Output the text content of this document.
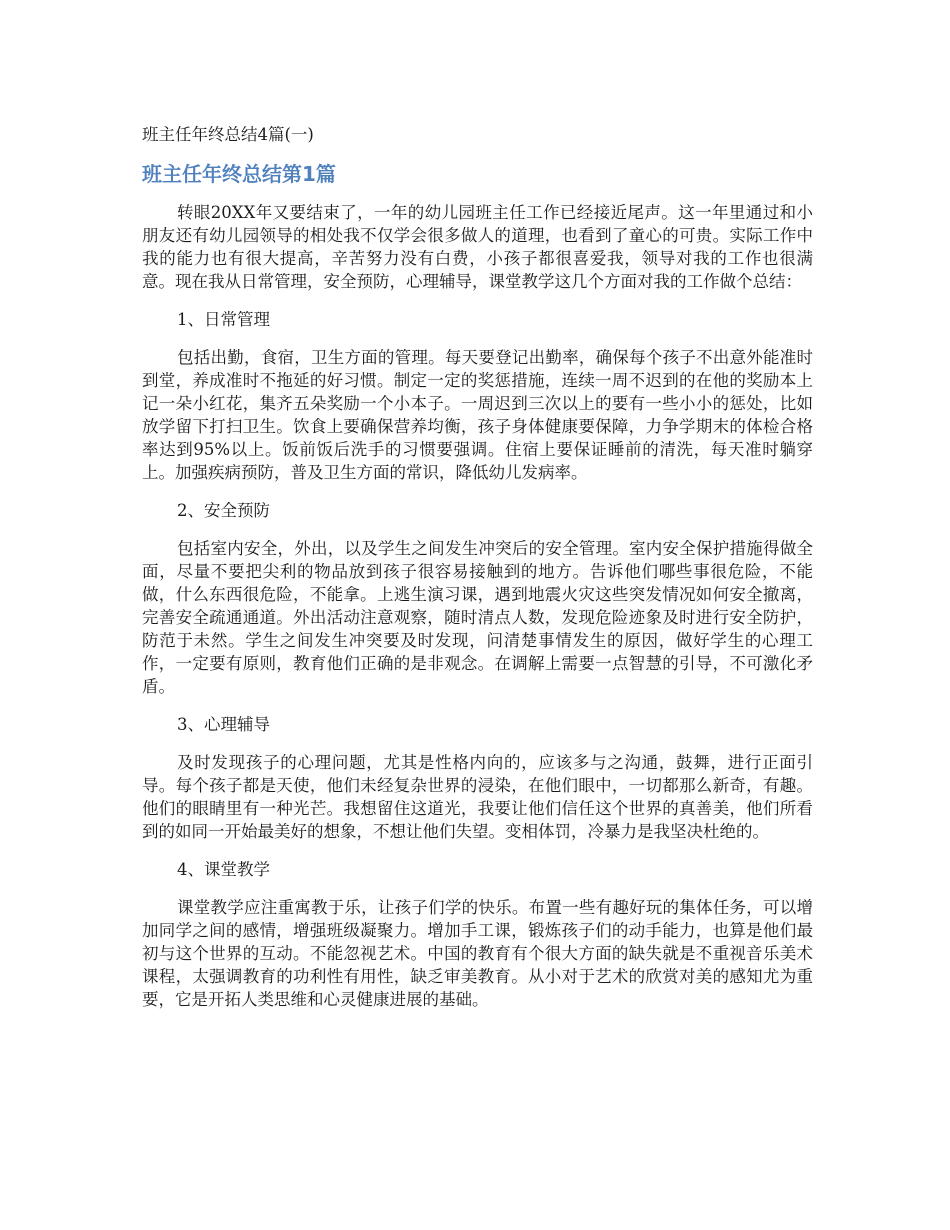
班主任年终总结4篇(一)
班主任年终总结第1篇

转眼20XX年又要结束了，一年的幼儿园班主任工作已经接近尾声。这一年里通过和小朋友还有幼儿园领导的相处我不仅学会很多做人的道理，也看到了童心的可贵。实际工作中我的能力也有很大提高，辛苦努力没有白费，小孩子都很喜爱我，领导对我的工作也很满意。现在我从日常管理，安全预防，心理辅导，课堂教学这几个方面对我的工作做个总结：

1、日常管理

包括出勤，食宿，卫生方面的管理。每天要登记出勤率，确保每个孩子不出意外能准时到堂，养成准时不拖延的好习惯。制定一定的奖惩措施，连续一周不迟到的在他的奖励本上记一朵小红花，集齐五朵奖励一个小本子。一周迟到三次以上的要有一些小小的惩处，比如放学留下打扫卫生。饮食上要确保营养均衡，孩子身体健康要保障，力争学期末的体检合格率达到95%以上。饭前饭后洗手的习惯要强调。住宿上要保证睡前的清洗，每天准时躺穿上。加强疾病预防，普及卫生方面的常识，降低幼儿发病率。

2、安全预防

包括室内安全，外出，以及学生之间发生冲突后的安全管理。室内安全保护措施得做全面，尽量不要把尖利的物品放到孩子很容易接触到的地方。告诉他们哪些事很危险，不能做，什么东西很危险，不能拿。上逃生演习课，遇到地震火灾这些突发情况如何安全撤离，完善安全疏通通道。外出活动注意观察，随时清点人数，发现危险迹象及时进行安全防护，防范于未然。学生之间发生冲突要及时发现，问清楚事情发生的原因，做好学生的心理工作，一定要有原则，教育他们正确的是非观念。在调解上需要一点智慧的引导，不可激化矛盾。

3、心理辅导

及时发现孩子的心理问题，尤其是性格内向的，应该多与之沟通，鼓舞，进行正面引导。每个孩子都是天使，他们未经复杂世界的浸染，在他们眼中，一切都那么新奇，有趣。他们的眼睛里有一种光芒。我想留住这道光，我要让他们信任这个世界的真善美，他们所看到的如同一开始最美好的想象，不想让他们失望。变相体罚，冷暴力是我坚决杜绝的。

4、课堂教学

课堂教学应注重寓教于乐，让孩子们学的快乐。布置一些有趣好玩的集体任务，可以增加同学之间的感情，增强班级凝聚力。增加手工课，锻炼孩子们的动手能力，也算是他们最初与这个世界的互动。不能忽视艺术。中国的教育有个很大方面的缺失就是不重视音乐美术课程，太强调教育的功利性有用性，缺乏审美教育。从小对于艺术的欣赏对美的感知尤为重要，它是开拓人类思维和心灵健康进展的基础。
